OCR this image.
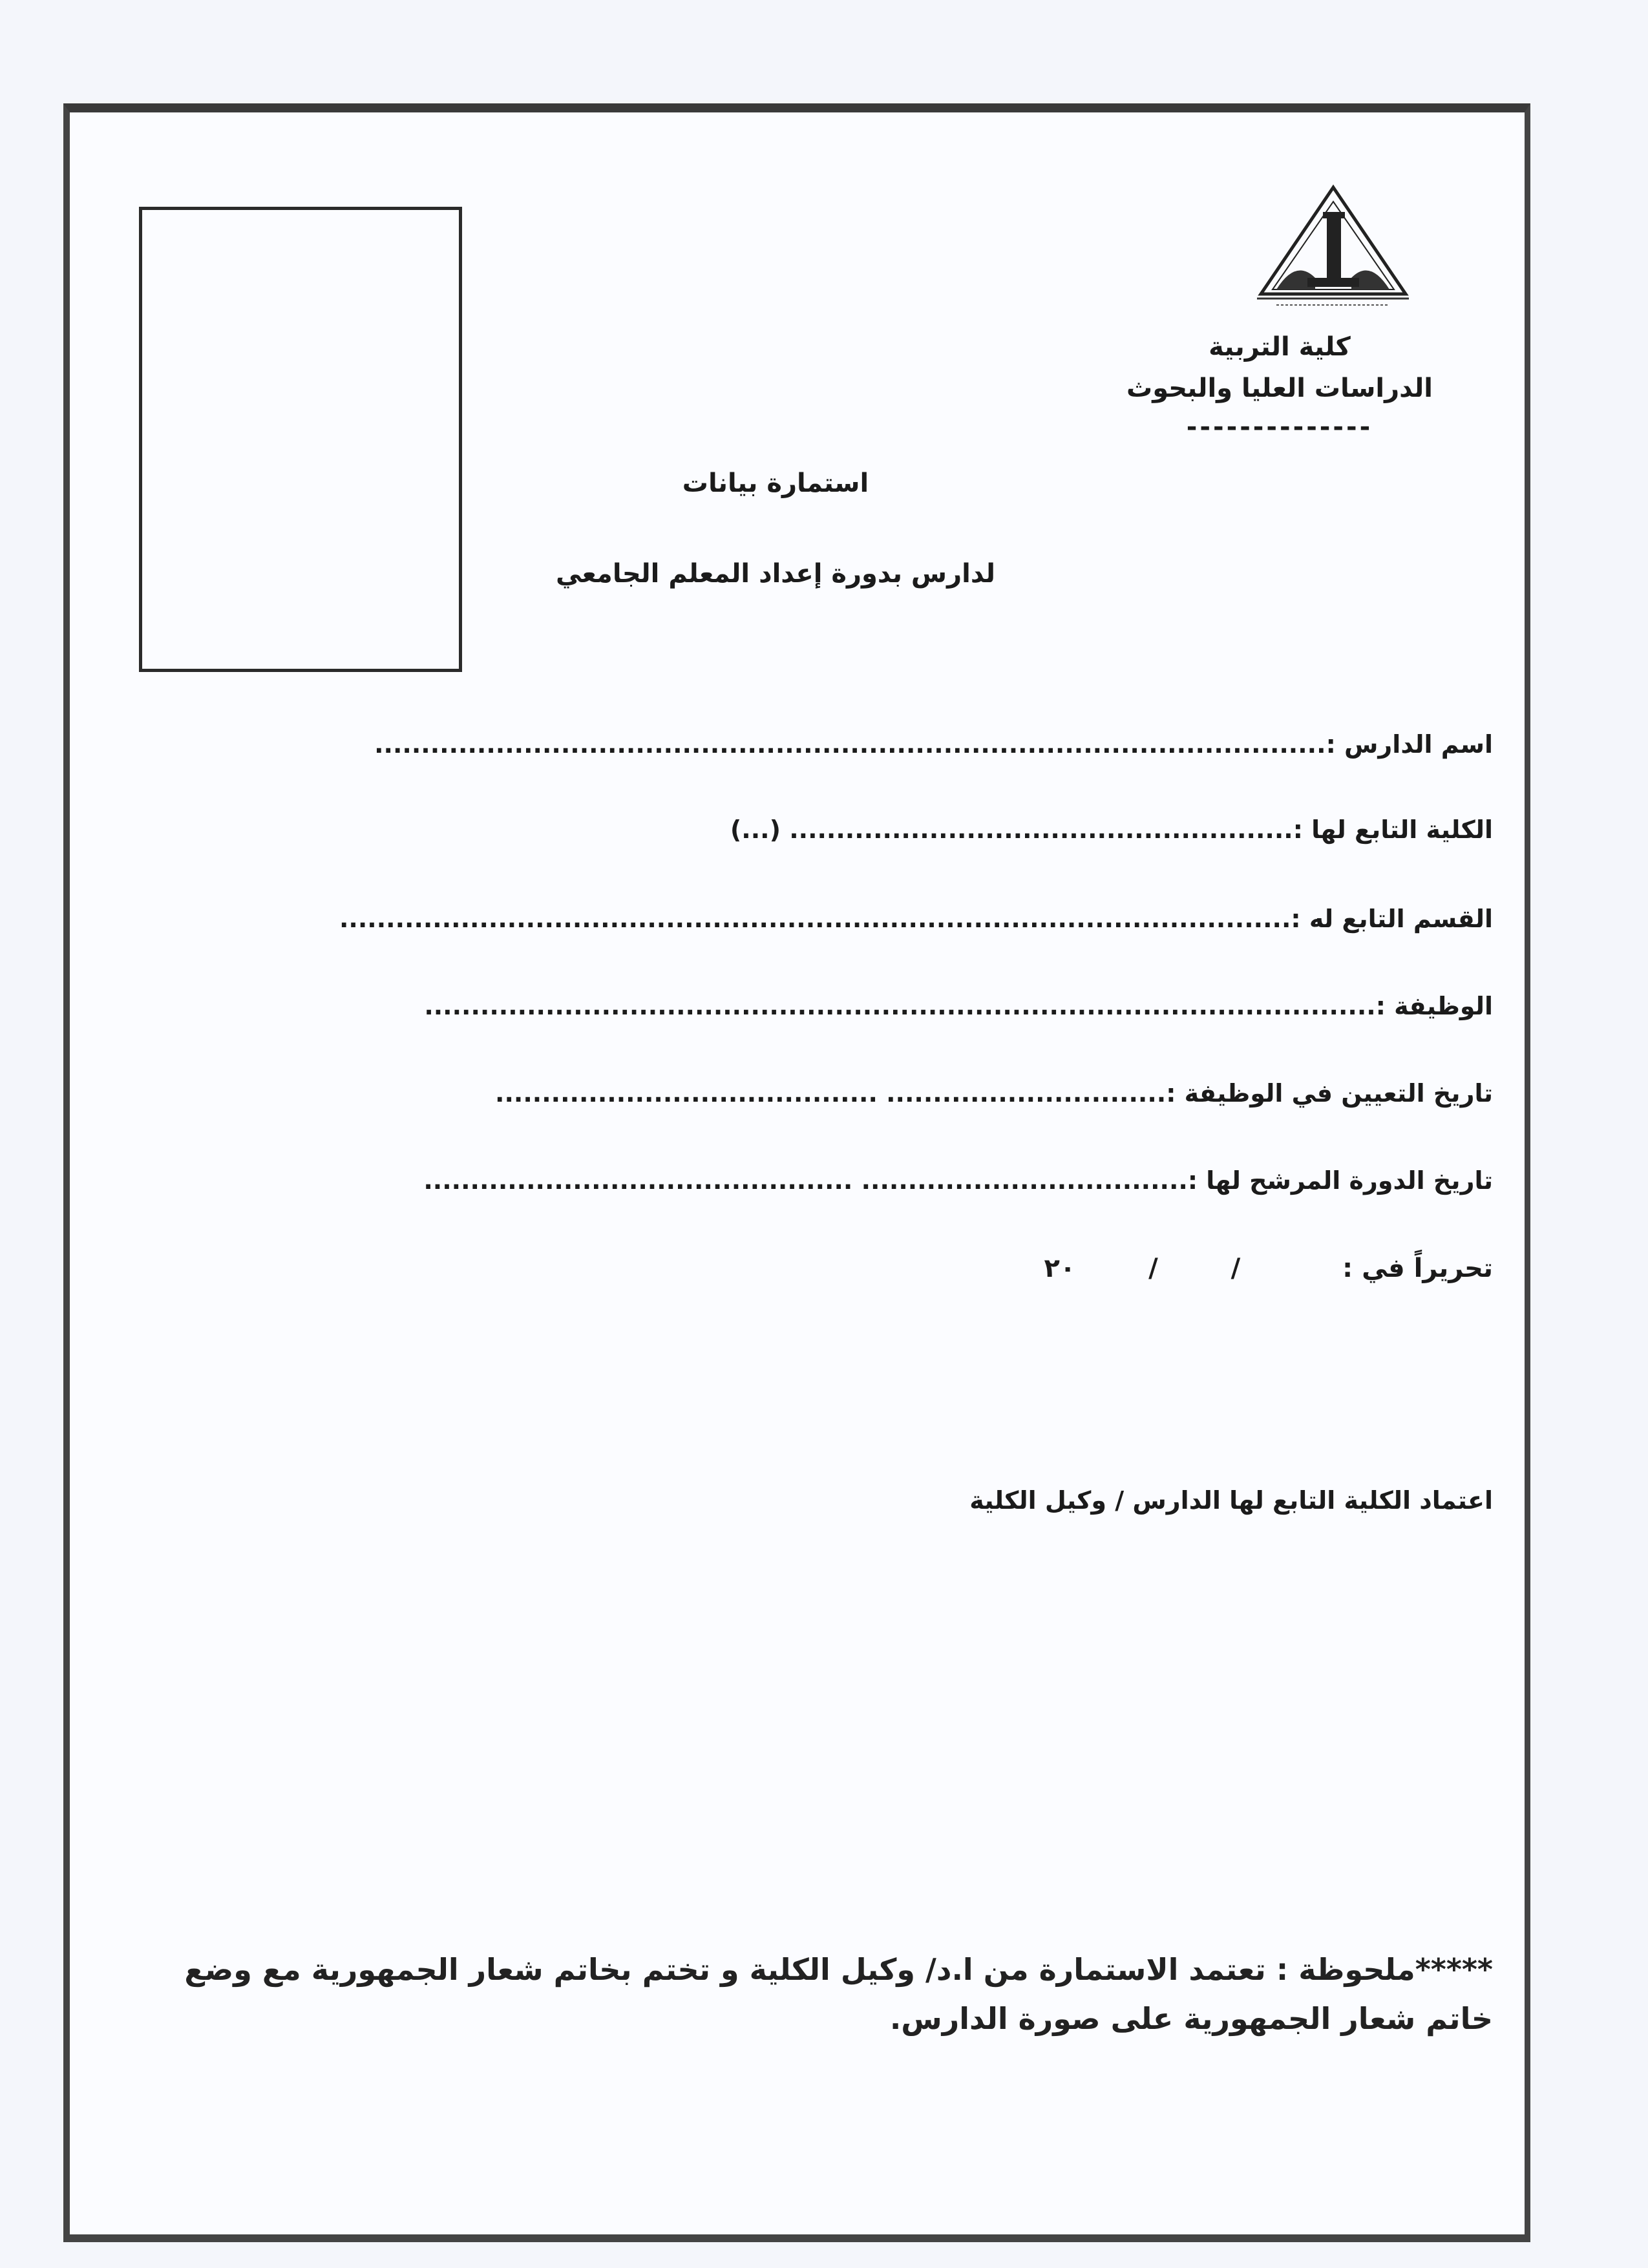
كلية التربية
الدراسات العليا والبحوث
--------------
استمارة بيانات
لدارس بدورة إعداد المعلم الجامعي
اسم الدارس :......................................................................................................
الكلية التابع لها :...................................................... (...)
القسم التابع له :......................................................................................................
الوظيفة :......................................................................................................
تاريخ التعيين في الوظيفة :.............................. .........................................
تاريخ الدورة المرشح لها :................................... ..............................................
تحريراً في :  /  /  ٢٠
اعتماد الكلية التابع لها الدارس / وكيل الكلية
*****ملحوظة : تعتمد الاستمارة من ا.د/ وكيل الكلية و تختم بخاتم شعار الجمهورية مع وضع
خاتم شعار الجمهورية على صورة الدارس.
